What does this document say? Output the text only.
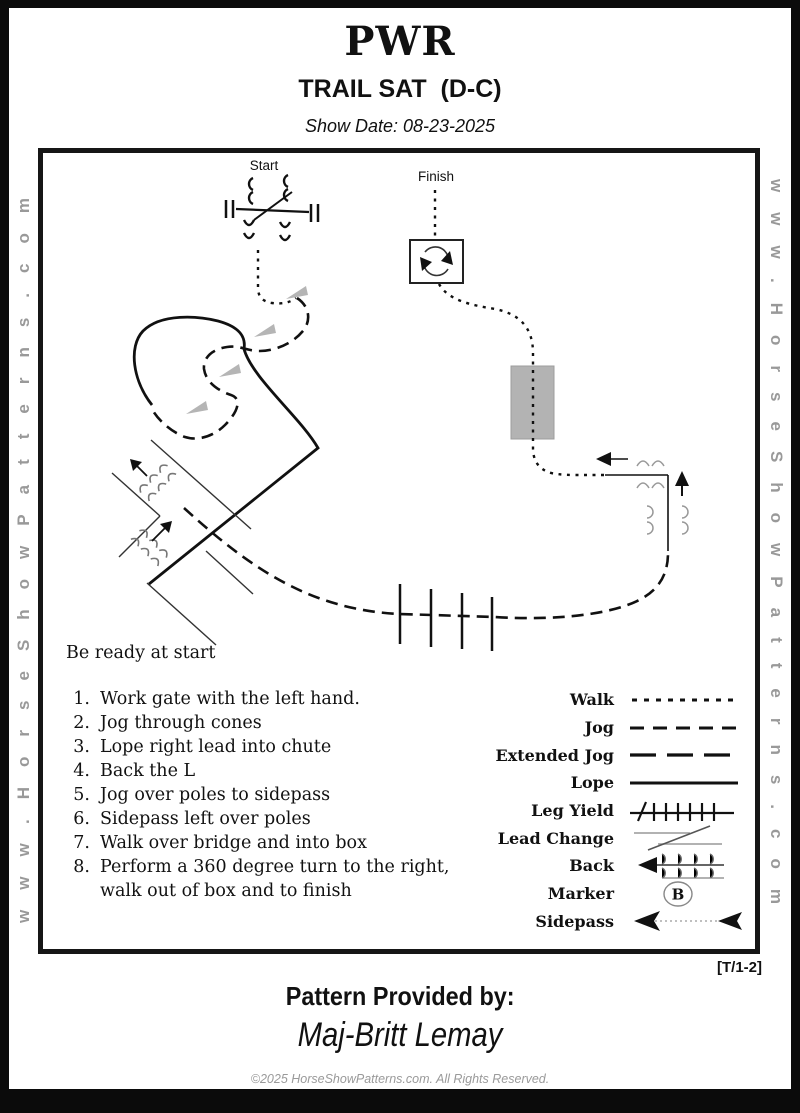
PWR
TRAIL SAT  (D-C)
Show Date: 08-23-2025
www.HorseShowPatterns.com	www.HorseShowPatterns.com
Start
Finish

Be ready at start

Work gate with the left hand.
Jog through cones
Lope right lead into chute
Back the L
Jog over poles to sidepass
Sidepass left over poles
Walk over bridge and into box
Perform a 360 degree turn to the right, walk out of box and to finish
Walk
Jog
Extended Jog
Lope
Leg Yield
Lead Change
Back
Marker	B
Sidepass
[T/1-2]
Pattern Provided by:
Maj-Britt Lemay
©2025 HorseShowPatterns.com. All Rights Reserved.
